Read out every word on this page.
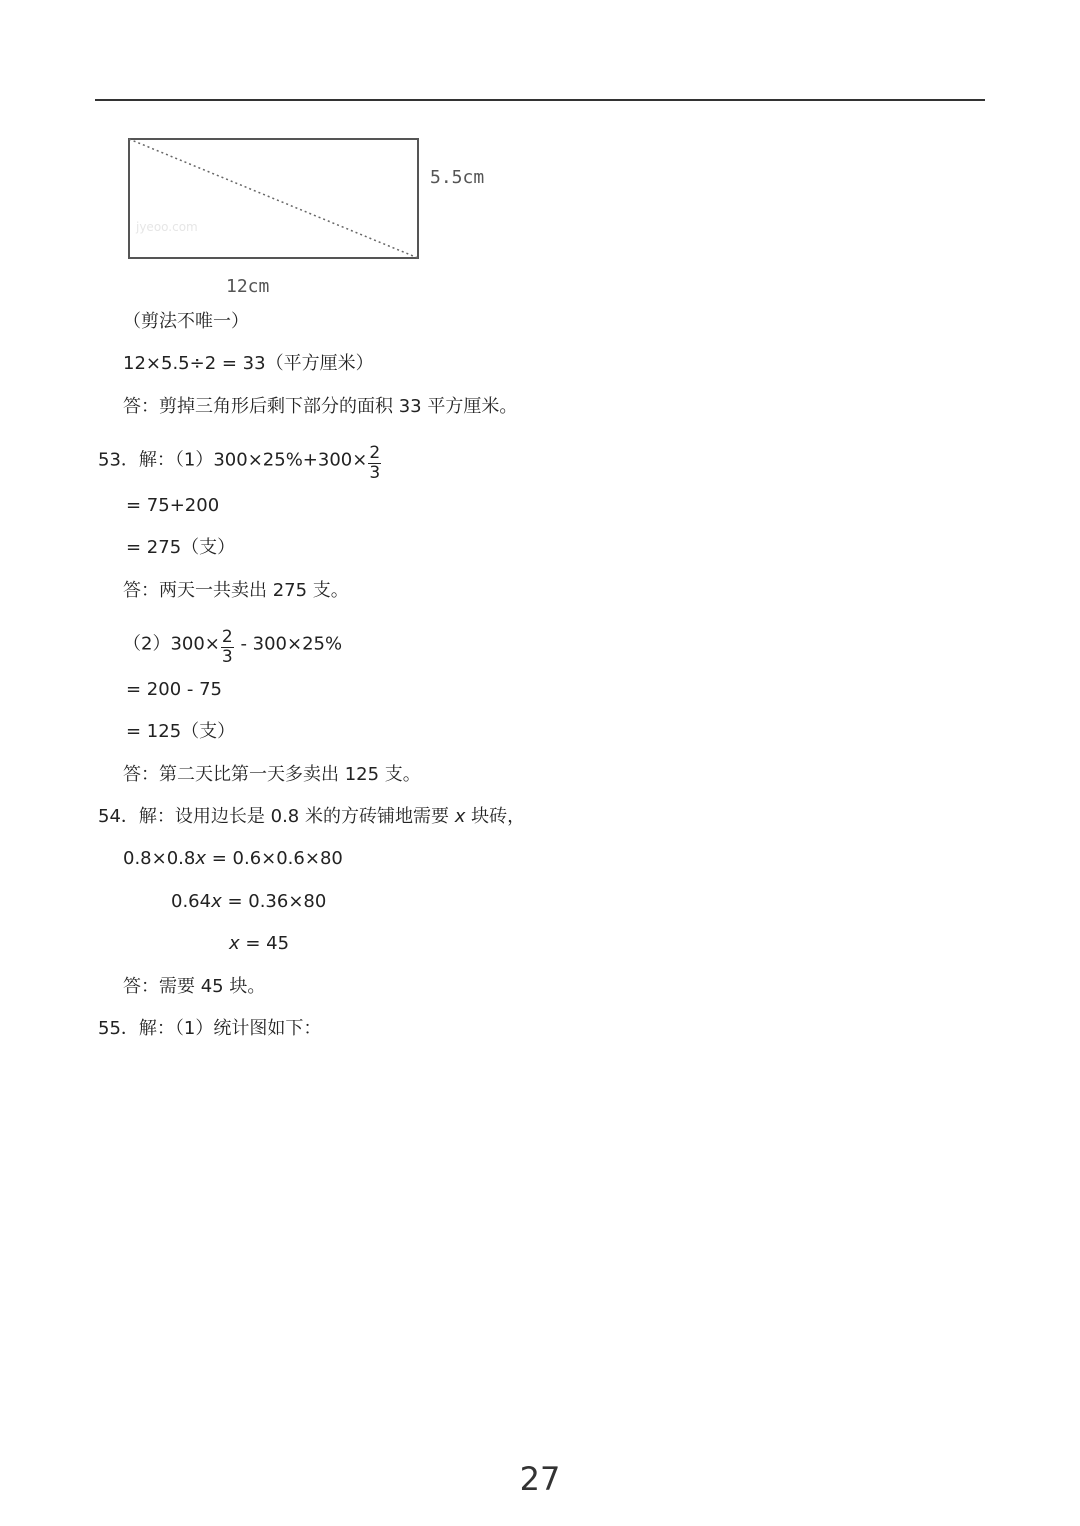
jyeoo.com
5.5cm
12cm
（剪法不唯一）
12×5.5÷2 = 33（平方厘米）
答：剪掉三角形后剩下部分的面积 33 平方厘米。
53．解：$(1)300\times 25\%+300\times \frac{2}{3}$
= 75+200
= 275（支）
答：两天一共卖出 275 支。
$(2)300\times \frac{2}{3} - 300\times 25\%$
= 200 - 75
= 125（支）
答：第二天比第一天多卖出 125 支。
54．解：设用边长是 0.8 米的方砖铺地需要 x 块砖，
0.8×0.8x = 0.6×0.6×80
0.64x = 0.36×80
x = 45
答：需要 45 块。
55．解：（1）统计图如下：
27
